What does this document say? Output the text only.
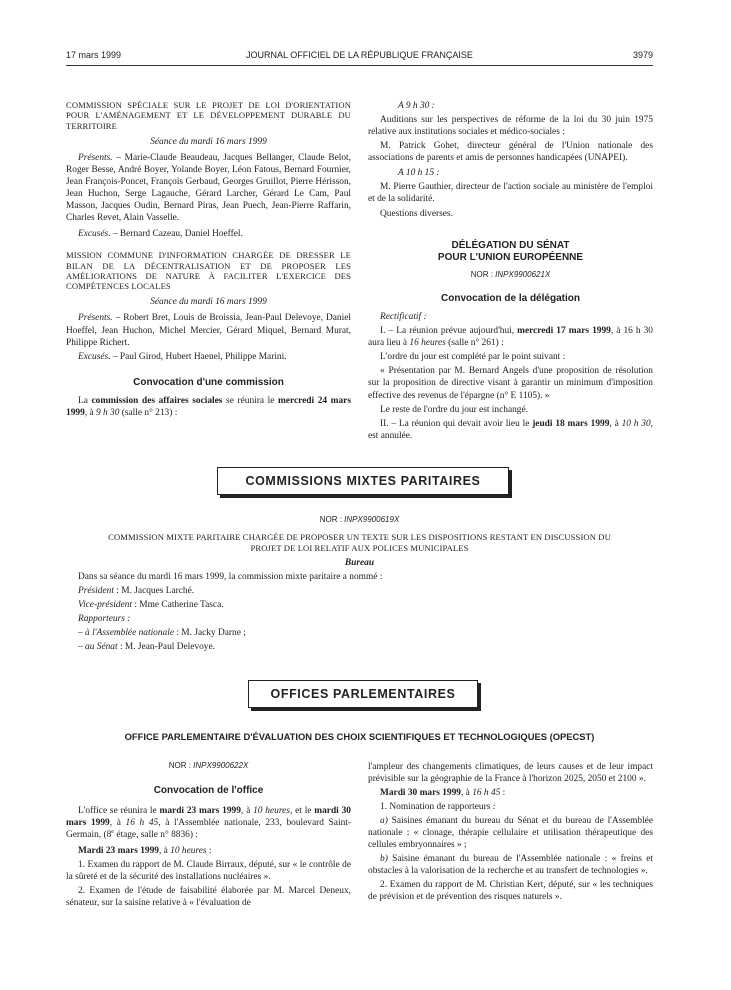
17 mars 1999	JOURNAL OFFICIEL DE LA RÉPUBLIQUE FRANÇAISE	3979

COMMISSION SPÉCIALE SUR LE PROJET DE LOI D'ORIENTATION POUR L'AMÉNAGEMENT ET LE DÉVELOPPEMENT DURABLE DU TERRITOIRE

Séance du mardi 16 mars 1999

Présents. – Marie-Claude Beaudeau, Jacques Bellanger, Claude Belot, Roger Besse, André Boyer, Yolande Boyer, Léon Fatous, Bernard Fournier, Jean François-Poncet, François Gerbaud, Georges Gruillot, Pierre Hérisson, Jean Huchon, Serge Lagauche, Gérard Larcher, Gérard Le Cam, Paul Masson, Jacques Oudin, Bernard Piras, Jean Puech, Jean-Pierre Raffarin, Charles Revet, Alain Vasselle.

Excusés. – Bernard Cazeau, Daniel Hoeffel.

MISSION COMMUNE D'INFORMATION CHARGÉE DE DRESSER LE BILAN DE LA DÉCENTRALISATION ET DE PROPOSER LES AMÉLIORATIONS DE NATURE À FACILITER L'EXERCICE DES COMPÉTENCES LOCALES

Séance du mardi 16 mars 1999

Présents. – Robert Bret, Louis de Broissia, Jean-Paul Delevoye, Daniel Hoeffel, Jean Huchon, Michel Mercier, Gérard Miquel, Bernard Murat, Philippe Richert.

Excusés. – Paul Girod, Hubert Haenel, Philippe Marini.

Convocation d'une commission

La commission des affaires sociales se réunira le mercredi 24 mars 1999, à 9 h 30 (salle n° 213) :

A 9 h 30 :

Auditions sur les perspectives de réforme de la loi du 30 juin 1975 relative aux institutions sociales et médico-sociales :

M. Patrick Gohet, directeur général de l'Union nationale des associations de parents et amis de personnes handicapées (UNAPEI).

A 10 h 15 :

M. Pierre Gauthier, directeur de l'action sociale au ministère de l'emploi et de la solidarité.

Questions diverses.

DÉLÉGATION DU SÉNAT
POUR L'UNION EUROPÉENNE
NOR : INPX9900621X
Convocation de la délégation

Rectificatif :

I. – La réunion prévue aujourd'hui, mercredi 17 mars 1999, à 16 h 30 aura lieu à 16 heures (salle n° 261) :

L'ordre du jour est complété par le point suivant :

« Présentation par M. Bernard Angels d'une proposition de résolution sur la proposition de directive visant à garantir un minimum d'imposition effective des revenus de l'épargne (n° E 1105). »

Le reste de l'ordre du jour est inchangé.

II. – La réunion qui devait avoir lieu le jeudi 18 mars 1999, à 10 h 30, est annulée.

COMMISSIONS MIXTES PARITAIRES
NOR : INPX9900619X

COMMISSION MIXTE PARITAIRE CHARGÉE DE PROPOSER UN TEXTE SUR LES DISPOSITIONS RESTANT EN DISCUSSION DU PROJET DE LOI RELATIF AUX POLICES MUNICIPALES

Bureau

Dans sa séance du mardi 16 mars 1999, la commission mixte paritaire a nommé :

Président : M. Jacques Larché.

Vice-président : Mme Catherine Tasca.

Rapporteurs :

– à l'Assemblée nationale : M. Jacky Darne ;

– au Sénat : M. Jean-Paul Delevoye.

OFFICES PARLEMENTAIRES
OFFICE PARLEMENTAIRE D'ÉVALUATION DES CHOIX SCIENTIFIQUES ET TECHNOLOGIQUES (OPECST)
NOR : INPX9900622X
Convocation de l'office

L'office se réunira le mardi 23 mars 1999, à 10 heures, et le mardi 30 mars 1999, à 16 h 45, à l'Assemblée nationale, 233, boulevard Saint-Germain, (8e étage, salle n° 8836) :

Mardi 23 mars 1999, à 10 heures :

1. Examen du rapport de M. Claude Birraux, député, sur « le contrôle de la sûreté et de la sécurité des installations nucléaires ».

2. Examen de l'étude de faisabilité élaborée par M. Marcel Deneux, sénateur, sur la saisine relative à « l'évaluation de

l'ampleur des changements climatiques, de leurs causes et de leur impact prévisible sur la géographie de la France à l'horizon 2025, 2050 et 2100 ».

Mardi 30 mars 1999, à 16 h 45 :

1. Nomination de rapporteurs :

a) Saisines émanant du bureau du Sénat et du bureau de l'Assemblée nationale : « clonage, thérapie cellulaire et utilisation thérapeutique des cellules embryonnaires » ;

b) Saisine émanant du bureau de l'Assemblée nationale : « freins et obstacles à la valorisation de la recherche et au transfert de technologies ».

2. Examen du rapport de M. Christian Kert, député, sur « les techniques de prévision et de prévention des risques naturels ».
